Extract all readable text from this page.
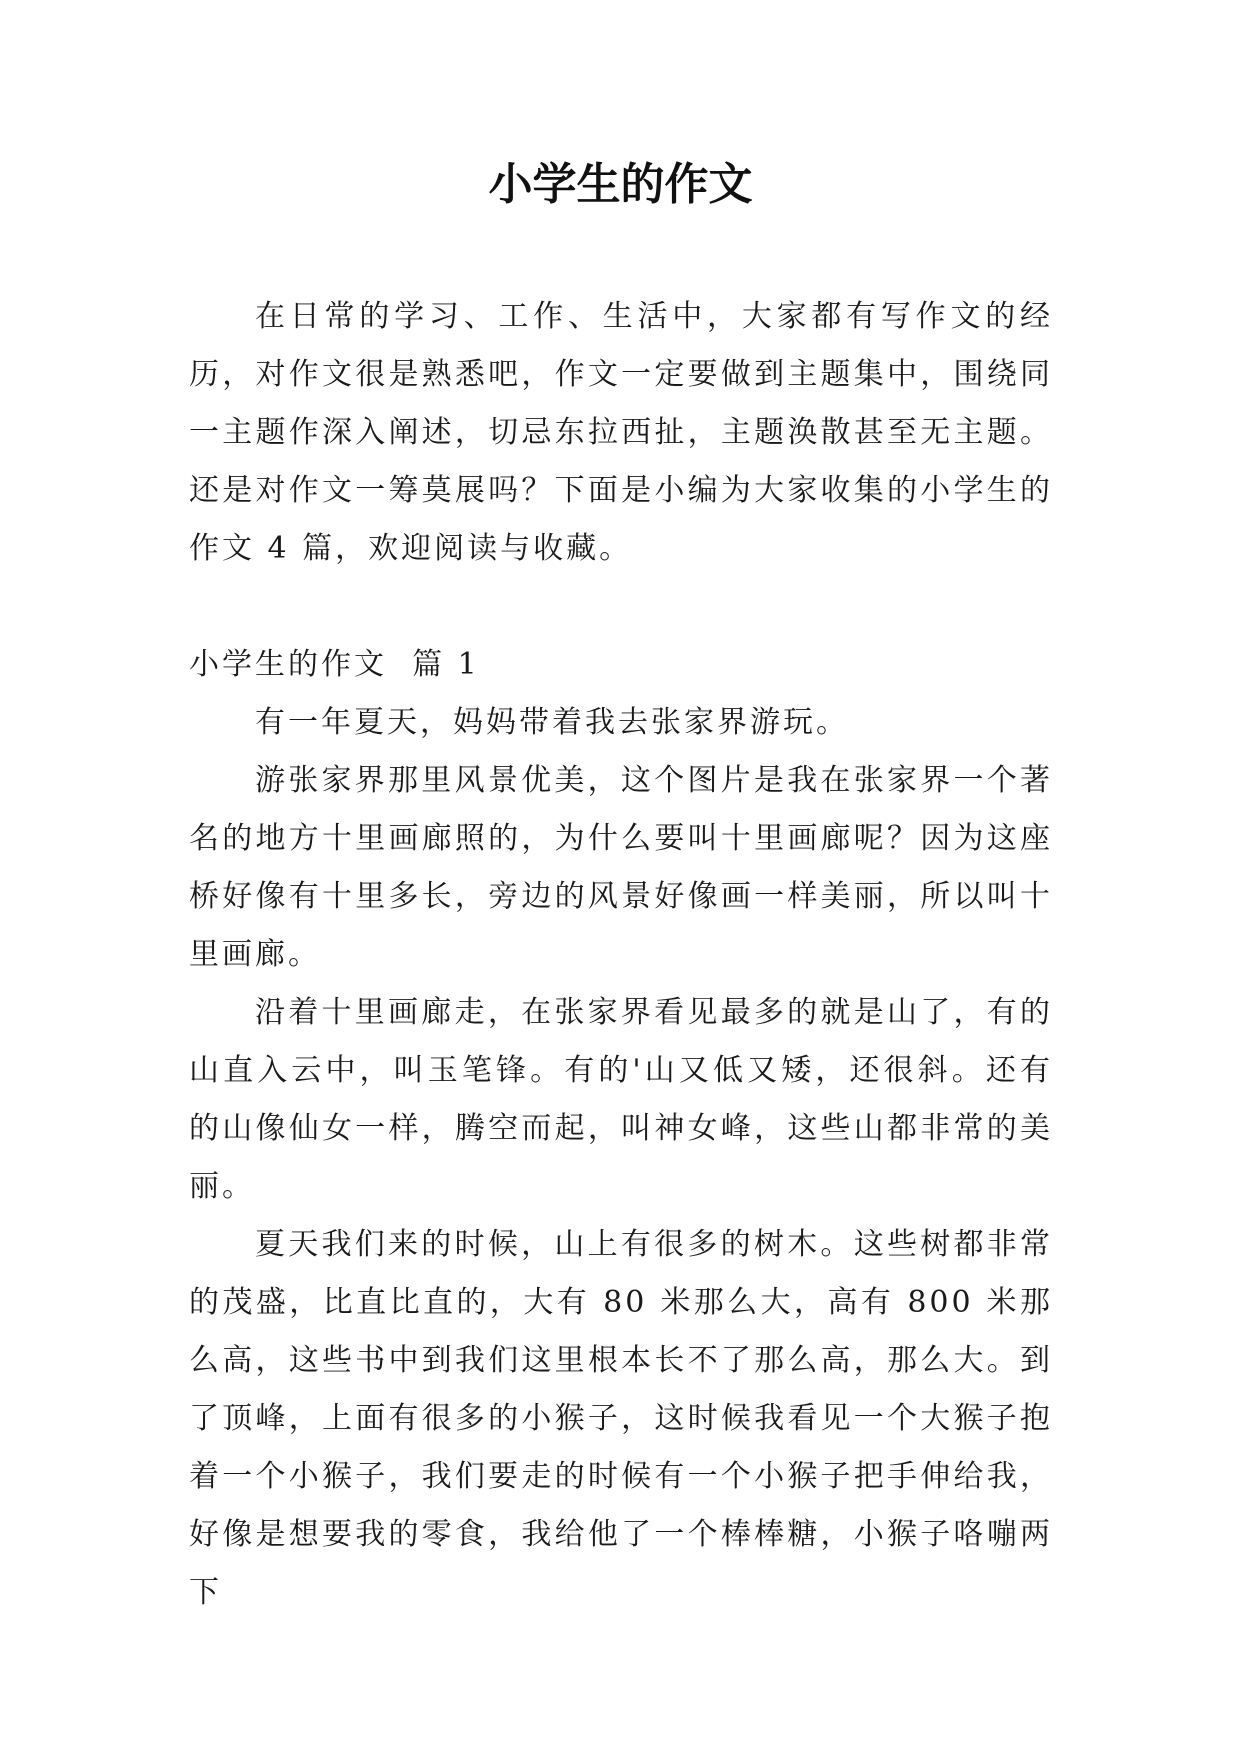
小学生的作文

在日常的学习、工作、生活中，大家都有写作文的经历，对作文很是熟悉吧，作文一定要做到主题集中，围绕同一主题作深入阐述，切忌东拉西扯，主题涣散甚至无主题。还是对作文一筹莫展吗？下面是小编为大家收集的小学生的作文 4 篇，欢迎阅读与收藏。

小学生的作文  篇 1

有一年夏天，妈妈带着我去张家界游玩。

游张家界那里风景优美，这个图片是我在张家界一个著名的地方十里画廊照的，为什么要叫十里画廊呢？因为这座桥好像有十里多长，旁边的风景好像画一样美丽，所以叫十里画廊。

沿着十里画廊走，在张家界看见最多的就是山了，有的山直入云中，叫玉笔锋。有的'山又低又矮，还很斜。还有的山像仙女一样，腾空而起，叫神女峰，这些山都非常的美丽。

夏天我们来的时候，山上有很多的树木。这些树都非常的茂盛，比直比直的，大有 80 米那么大，高有 800 米那么高，这些书中到我们这里根本长不了那么高，那么大。到了顶峰，上面有很多的小猴子，这时候我看见一个大猴子抱着一个小猴子，我们要走的时候有一个小猴子把手伸给我，好像是想要我的零食，我给他了一个棒棒糖，小猴子咯嘣两下
